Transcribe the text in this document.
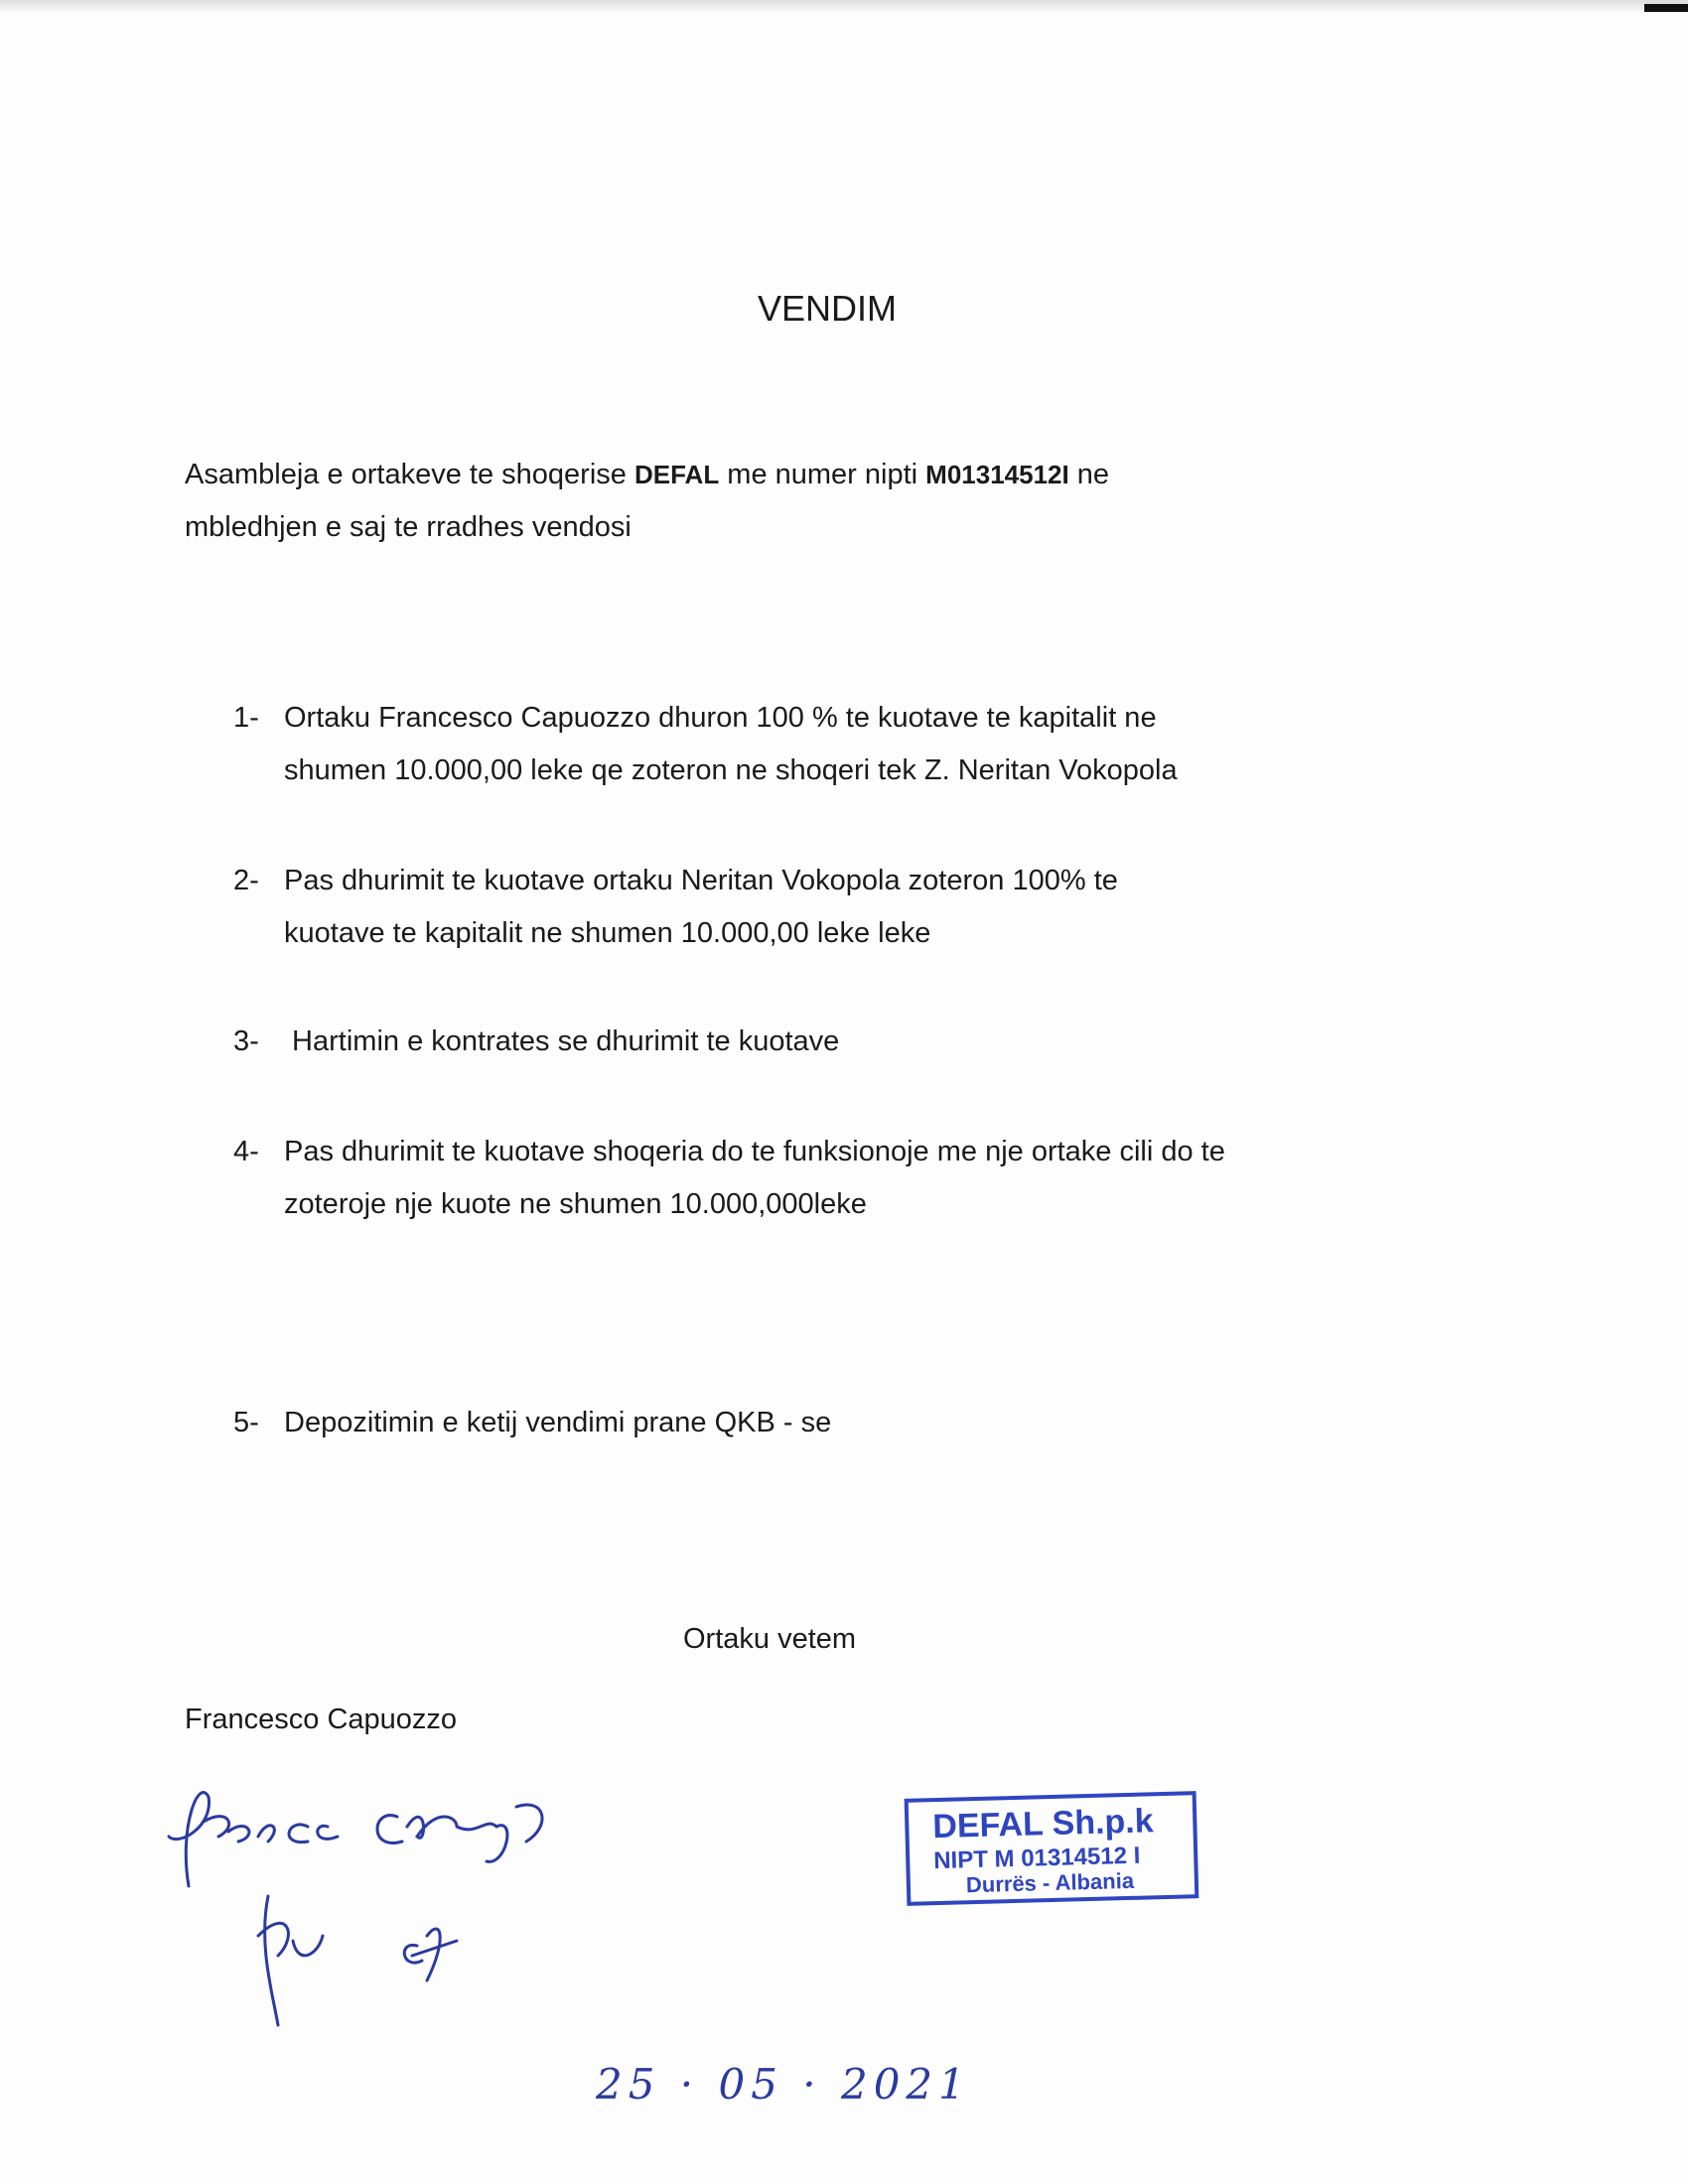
VENDIM
Asambleja e ortakeve te shoqerise DEFAL me numer nipti M01314512I ne
mbledhjen e saj te rradhes vendosi
1- Ortaku Francesco Capuozzo dhuron 100 % te kuotave te kapitalit ne
shumen 10.000,00 leke qe zoteron ne shoqeri tek Z. Neritan Vokopola
2- Pas dhurimit te kuotave ortaku Neritan Vokopola zoteron 100% te
kuotave te kapitalit ne shumen 10.000,00 leke leke
3- Hartimin e kontrates se dhurimit te kuotave
4- Pas dhurimit te kuotave shoqeria do te funksionoje me nje ortake cili do te
zoteroje nje kuote ne shumen 10.000,000leke
5- Depozitimin e ketij vendimi prane QKB - se
Ortaku vetem
Francesco Capuozzo
DEFAL Sh.p.k
NIPT M 01314512 I
Durrës - Albania
25 · 05 · 2021
